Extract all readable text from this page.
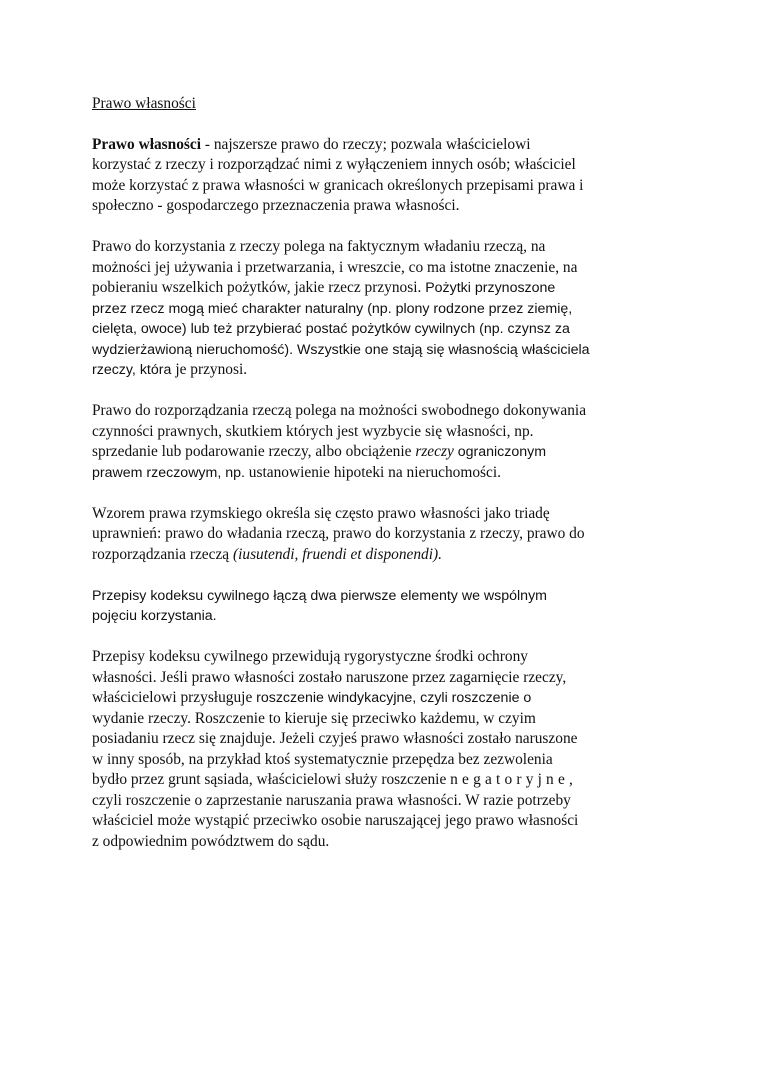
Prawo własności
Prawo własności - najszersze prawo do rzeczy; pozwala właścicielowi
korzystać z rzeczy i rozporządzać nimi z wyłączeniem innych osób; właściciel
może korzystać z prawa własności w granicach określonych przepisami prawa i
społeczno - gospodarczego przeznaczenia prawa własności.
Prawo do korzystania z rzeczy polega na faktycznym władaniu rzeczą, na
możności jej używania i przetwarzania, i wreszcie, co ma istotne znaczenie, na
pobieraniu wszelkich pożytków, jakie rzecz przynosi. Pożytki przynoszone
przez rzecz mogą mieć charakter naturalny (np. plony rodzone przez ziemię,
cielęta, owoce) lub też przybierać postać pożytków cywilnych (np. czynsz za
wydzierżawioną nieruchomość). Wszystkie one stają się własnością właściciela
rzeczy, która je przynosi.
Prawo do rozporządzania rzeczą polega na możności swobodnego dokonywania
czynności prawnych, skutkiem których jest wyzbycie się własności, np.
sprzedanie lub podarowanie rzeczy, albo obciążenie rzeczy ograniczonym
prawem rzeczowym, np. ustanowienie hipoteki na nieruchomości.
Wzorem prawa rzymskiego określa się często prawo własności jako triadę
uprawnień: prawo do władania rzeczą, prawo do korzystania z rzeczy, prawo do
rozporządzania rzeczą (iusutendi, fruendi et disponendi).
Przepisy kodeksu cywilnego łączą dwa pierwsze elementy we wspólnym
pojęciu korzystania.
Przepisy kodeksu cywilnego przewidują rygorystyczne środki ochrony
własności. Jeśli prawo własności zostało naruszone przez zagarnięcie rzeczy,
właścicielowi przysługuje roszczenie windykacyjne, czyli roszczenie o
wydanie rzeczy. Roszczenie to kieruje się przeciwko każdemu, w czyim
posiadaniu rzecz się znajduje. Jeżeli czyjeś prawo własności zostało naruszone
w inny sposób, na przykład ktoś systematycznie przepędza bez zezwolenia
bydło przez grunt sąsiada, właścicielowi służy roszczenie negatoryjne,
czyli roszczenie o zaprzestanie naruszania prawa własności. W razie potrzeby
właściciel może wystąpić przeciwko osobie naruszającej jego prawo własności
z odpowiednim powództwem do sądu.
